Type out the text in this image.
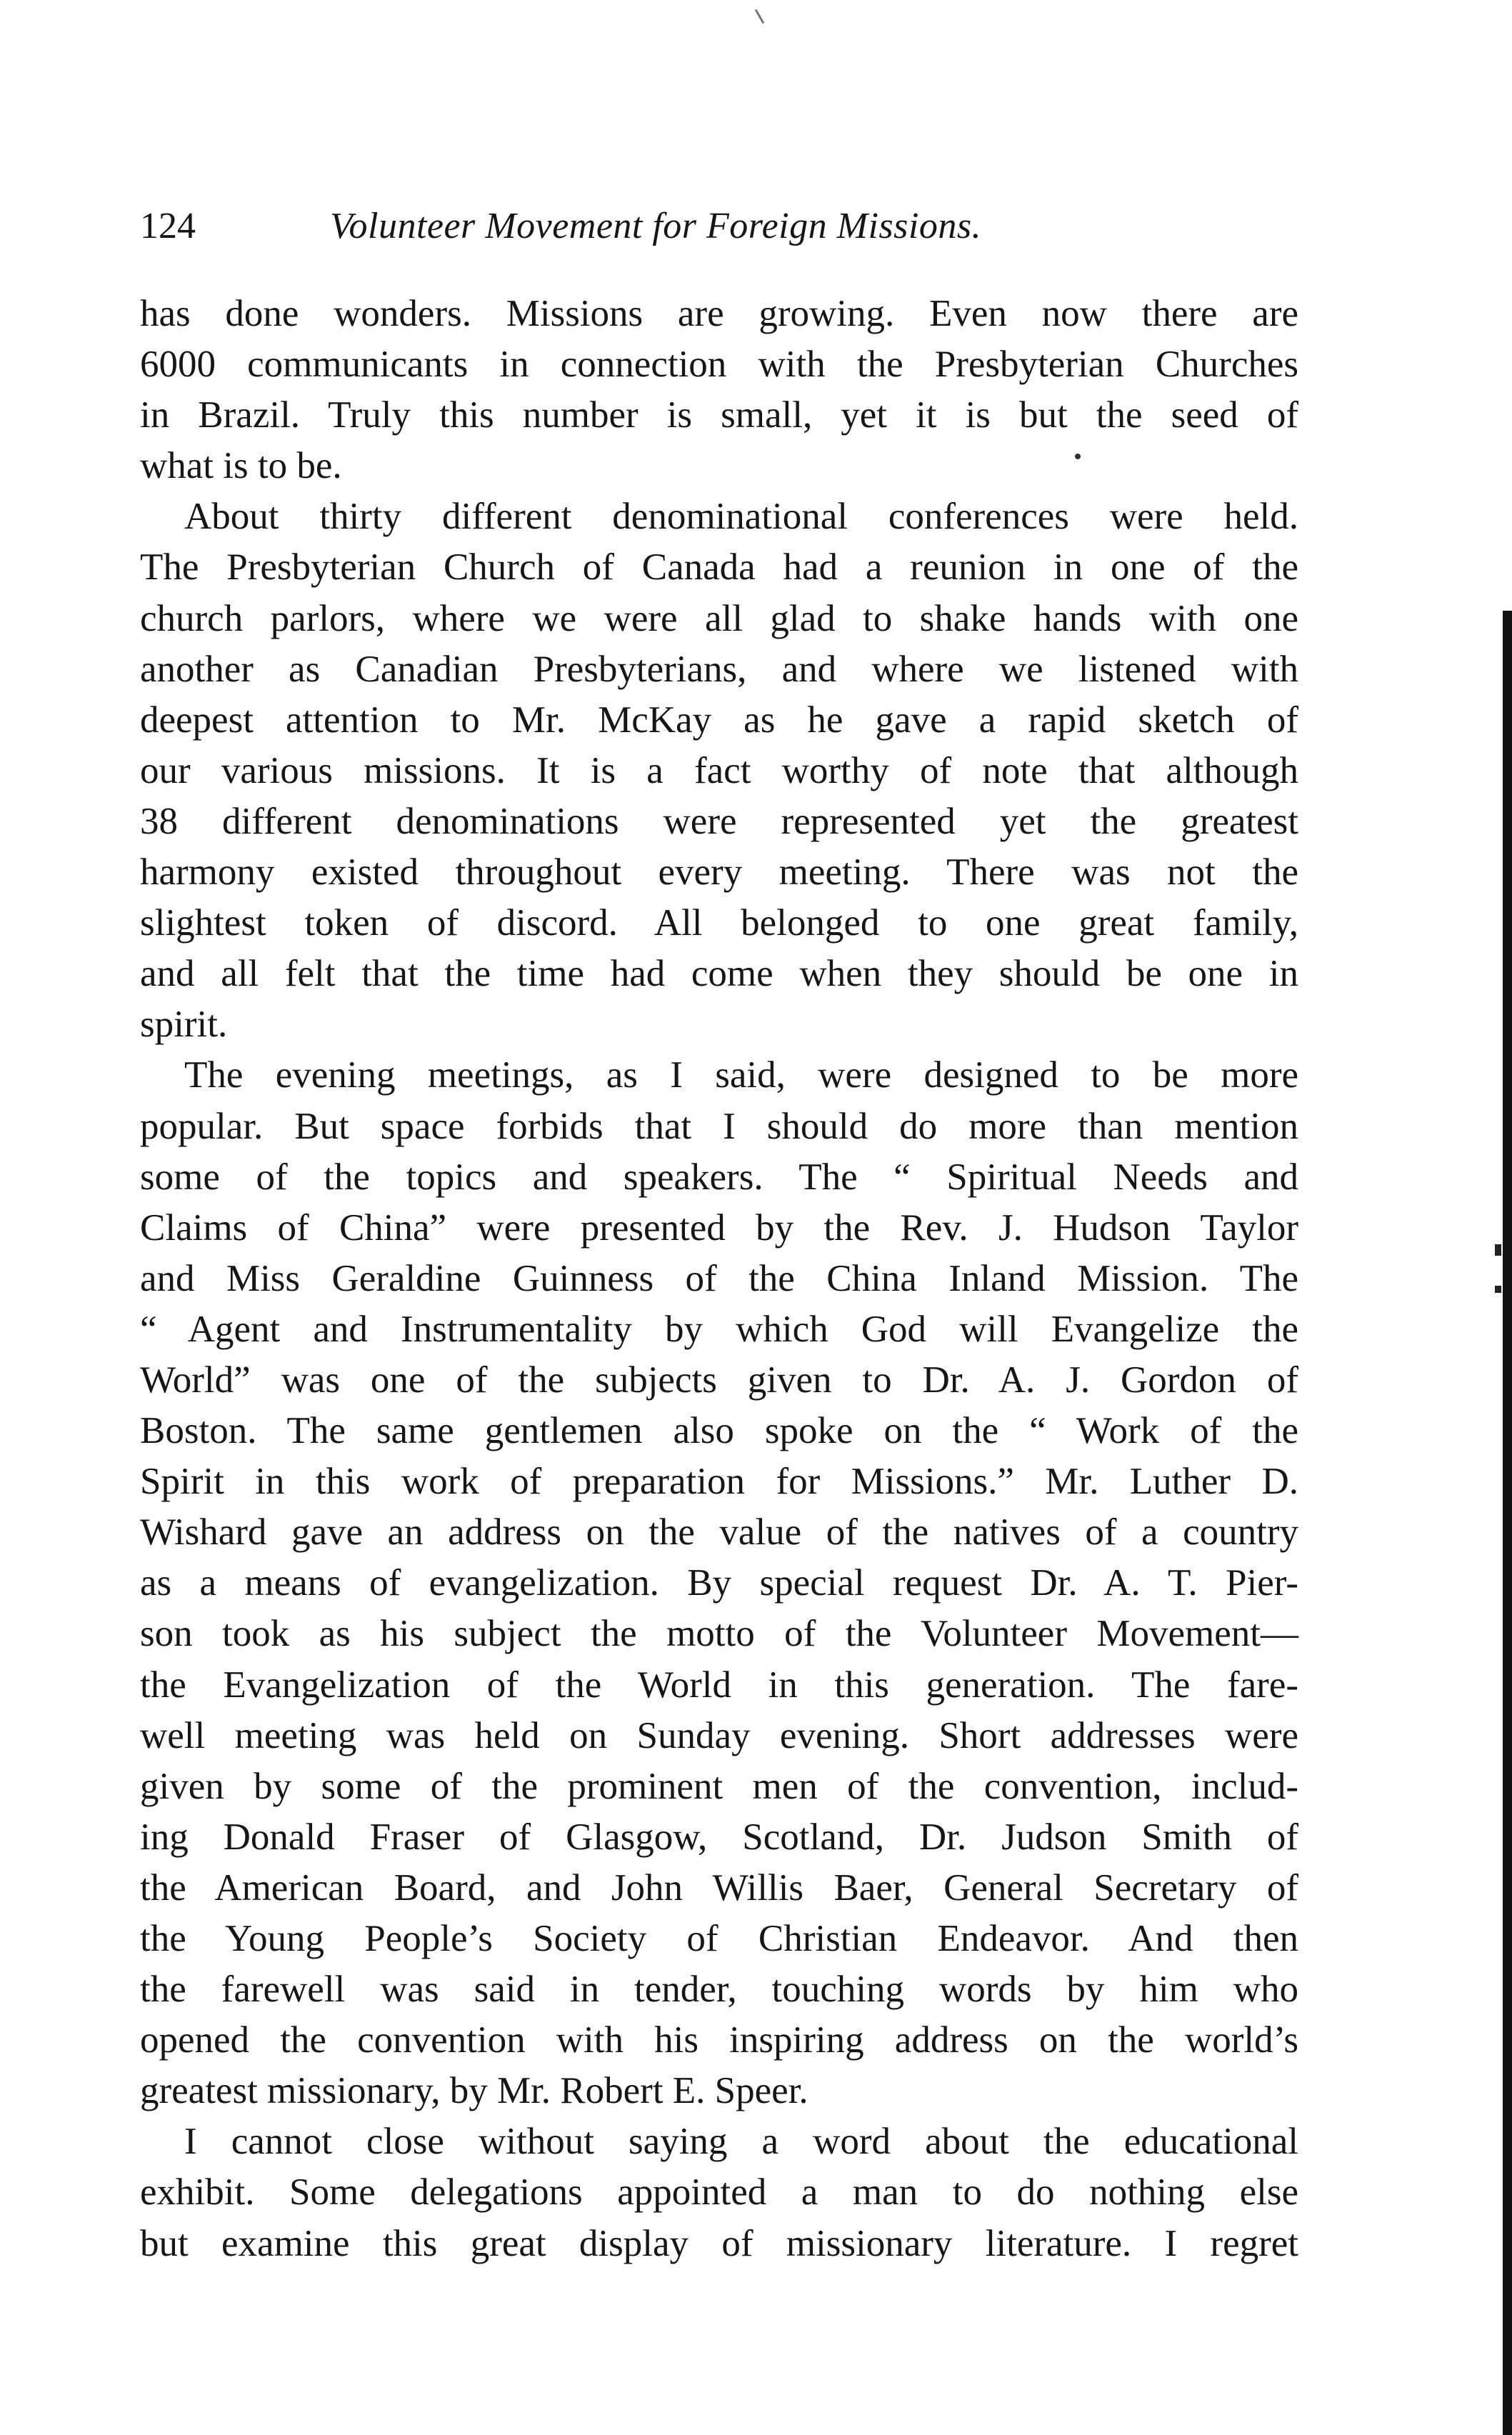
124	Volunteer Movement for Foreign Missions.
has done wonders. Missions are growing. Even now there are
6000 communicants in connection with the Presbyterian Churches
in Brazil. Truly this number is small, yet it is but the seed of
what is to be.
About thirty different denominational conferences were held.
The Presbyterian Church of Canada had a reunion in one of the
church parlors, where we were all glad to shake hands with one
another as Canadian Presbyterians, and where we listened with
deepest attention to Mr. McKay as he gave a rapid sketch of
our various missions. It is a fact worthy of note that although
38 different denominations were represented yet the greatest
harmony existed throughout every meeting. There was not the
slightest token of discord. All belonged to one great family,
and all felt that the time had come when they should be one in
spirit.
The evening meetings, as I said, were designed to be more
popular. But space forbids that I should do more than mention
some of the topics and speakers. The “ Spiritual Needs and
Claims of China” were presented by the Rev. J. Hudson Taylor
and Miss Geraldine Guinness of the China Inland Mission. The
“ Agent and Instrumentality by which God will Evangelize the
World” was one of the subjects given to Dr. A. J. Gordon of
Boston. The same gentlemen also spoke on the “ Work of the
Spirit in this work of preparation for Missions.” Mr. Luther D.
Wishard gave an address on the value of the natives of a country
as a means of evangelization. By special request Dr. A. T. Pier-
son took as his subject the motto of the Volunteer Movement—
the Evangelization of the World in this generation. The fare-
well meeting was held on Sunday evening. Short addresses were
given by some of the prominent men of the convention, includ-
ing Donald Fraser of Glasgow, Scotland, Dr. Judson Smith of
the American Board, and John Willis Baer, General Secretary of
the Young People’s Society of Christian Endeavor. And then
the farewell was said in tender, touching words by him who
opened the convention with his inspiring address on the world’s
greatest missionary, by Mr. Robert E. Speer.
I cannot close without saying a word about the educational
exhibit. Some delegations appointed a man to do nothing else
but examine this great display of missionary literature. I regret
